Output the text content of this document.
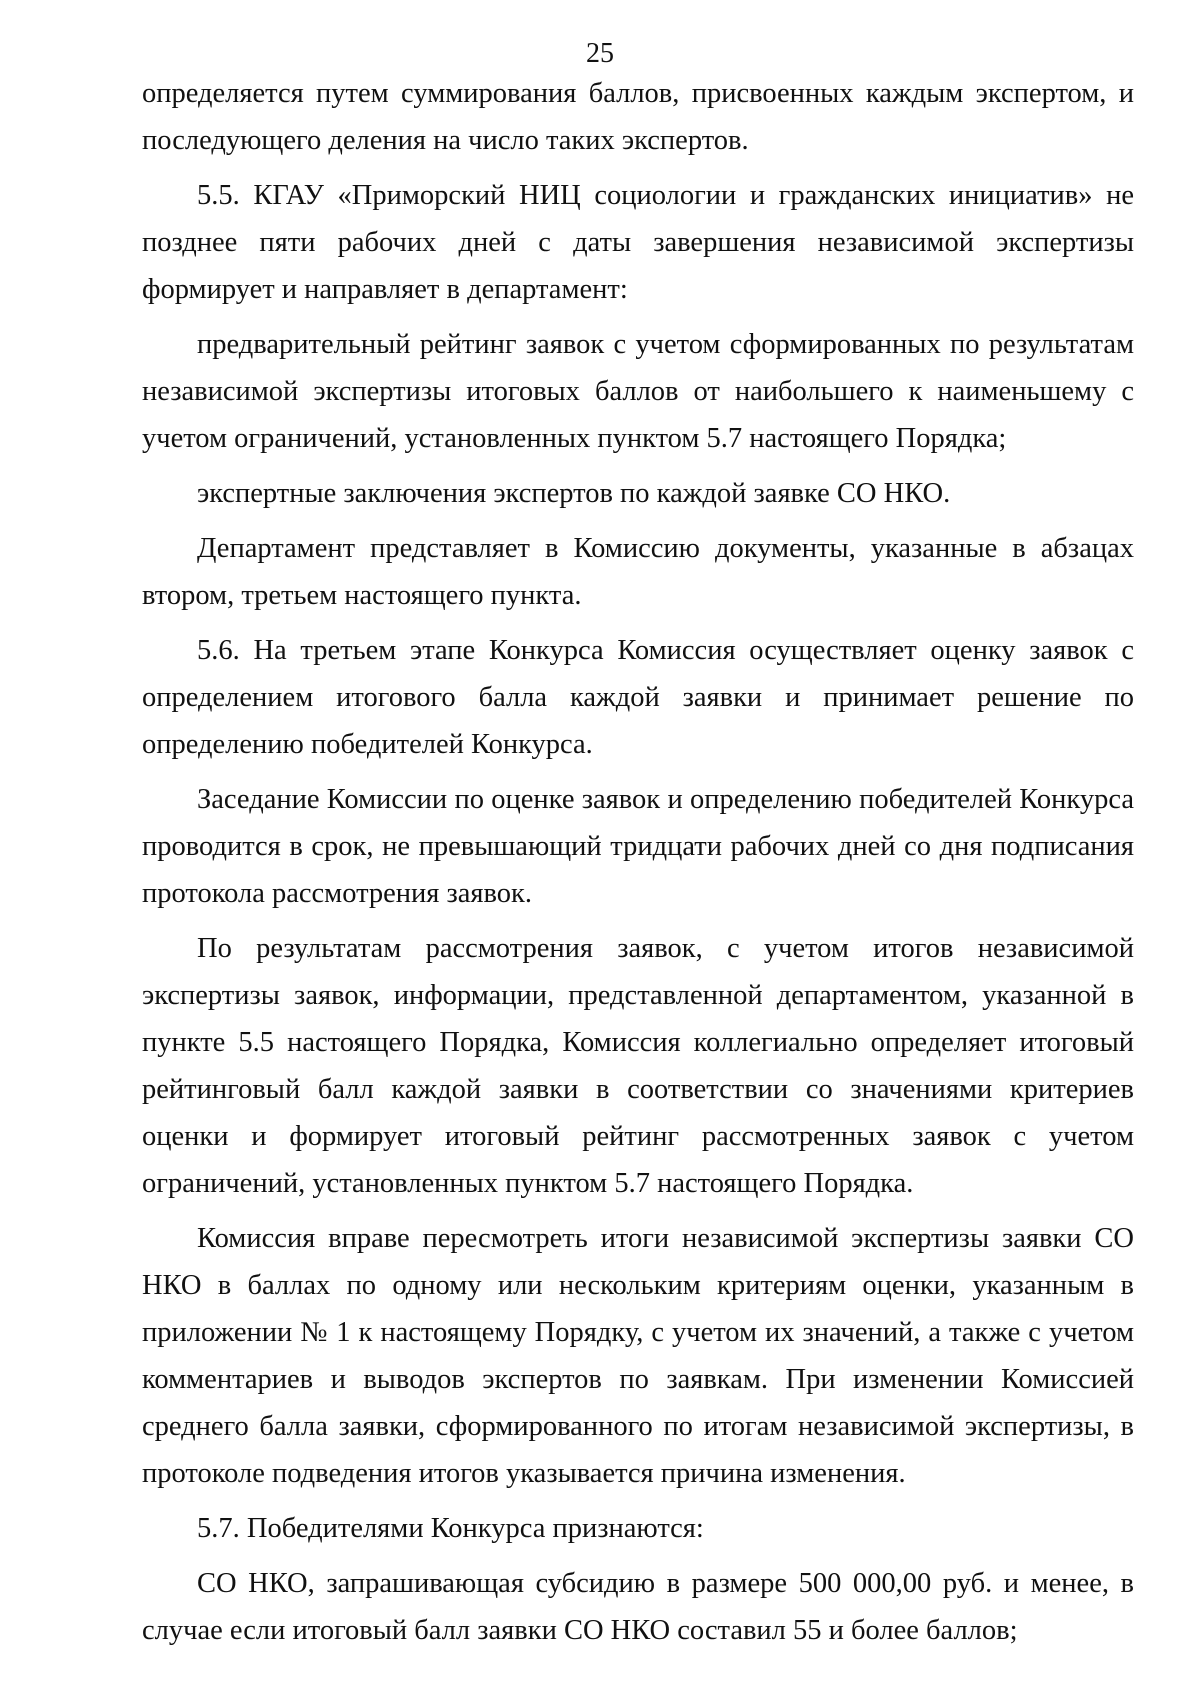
25

определяется путем суммирования баллов, присвоенных каждым экспертом, и последующего деления на число таких экспертов.

5.5. КГАУ «Приморский НИЦ социологии и гражданских инициатив» не позднее пяти рабочих дней с даты завершения независимой экспертизы формирует и направляет в департамент:

предварительный рейтинг заявок с учетом сформированных по результатам независимой экспертизы итоговых баллов от наибольшего к наименьшему с учетом ограничений, установленных пунктом 5.7 настоящего Порядка;

экспертные заключения экспертов по каждой заявке СО НКО.

Департамент представляет в Комиссию документы, указанные в абзацах втором, третьем настоящего пункта.

5.6. На третьем этапе Конкурса Комиссия осуществляет оценку заявок с определением итогового балла каждой заявки и принимает решение по определению победителей Конкурса.

Заседание Комиссии по оценке заявок и определению победителей Конкурса проводится в срок, не превышающий тридцати рабочих дней со дня подписания протокола рассмотрения заявок.

По результатам рассмотрения заявок, с учетом итогов независимой экспертизы заявок, информации, представленной департаментом, указанной в пункте 5.5 настоящего Порядка, Комиссия коллегиально определяет итоговый рейтинговый балл каждой заявки в соответствии со значениями критериев оценки и формирует итоговый рейтинг рассмотренных заявок с учетом ограничений, установленных пунктом 5.7 настоящего Порядка.

Комиссия вправе пересмотреть итоги независимой экспертизы заявки СО НКО в баллах по одному или нескольким критериям оценки, указанным в приложении № 1 к настоящему Порядку, с учетом их значений, а также с учетом комментариев и выводов экспертов по заявкам. При изменении Комиссией среднего балла заявки, сформированного по итогам независимой экспертизы, в протоколе подведения итогов указывается причина изменения.

5.7. Победителями Конкурса признаются:

СО НКО, запрашивающая субсидию в размере 500 000,00 руб. и менее, в случае если итоговый балл заявки СО НКО составил 55 и более баллов;
